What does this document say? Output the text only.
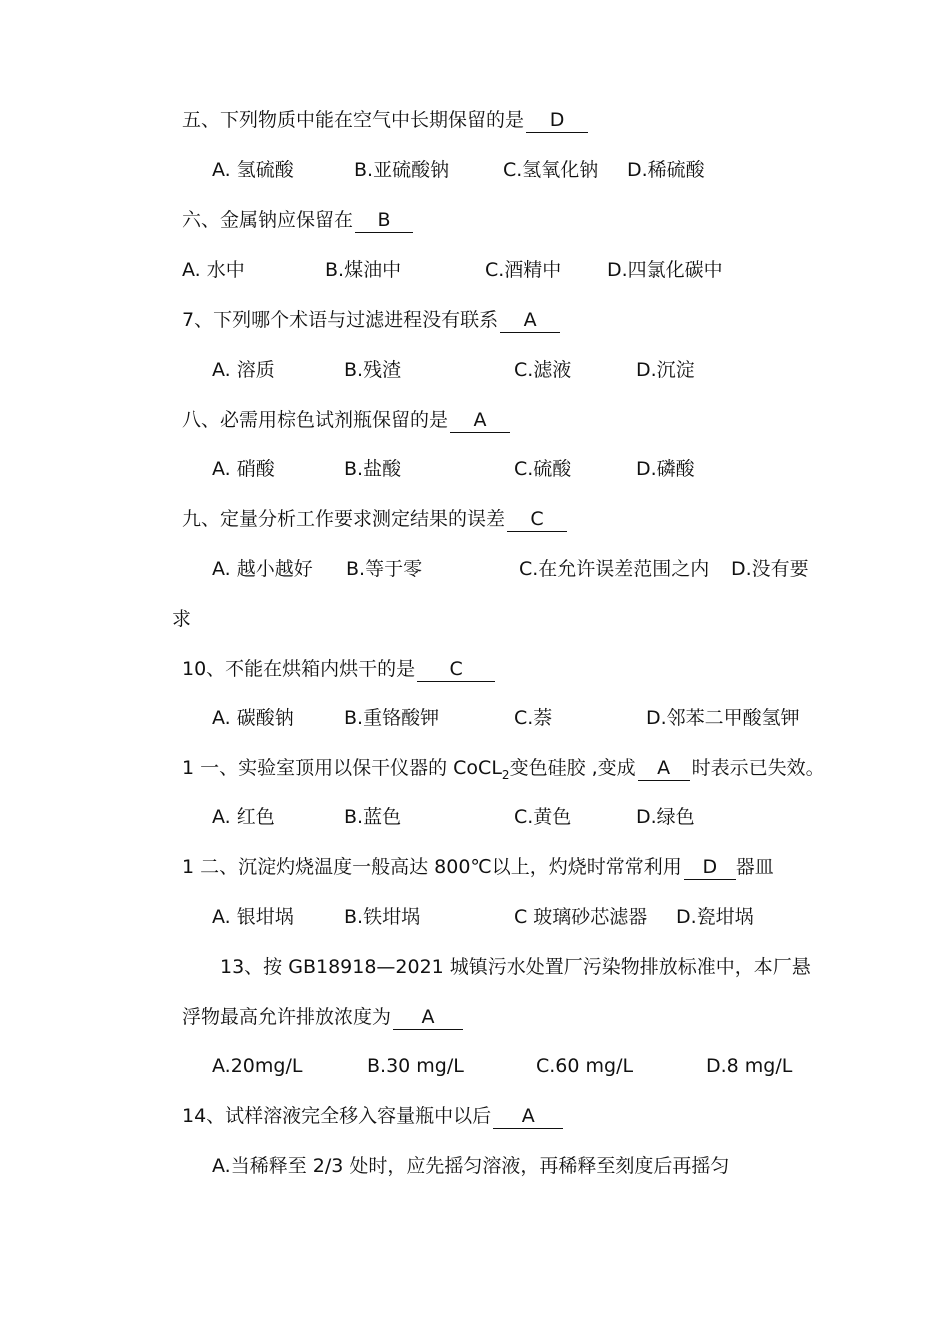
五、下列物质中能在空气中长期保留的是 D
A. 氢硫酸	B.亚硫酸钠	C.氢氧化钠 D.稀硫酸
六、金属钠应保留在 B
A. 水中	B.煤油中	C.酒精中 D.四氯化碳中
7、下列哪个术语与过滤进程没有联系 A
A. 溶质	B.残渣	C.滤液	D.沉淀
八、必需用棕色试剂瓶保留的是 A
A. 硝酸	B.盐酸	C.硫酸	D.磷酸
九、定量分析工作要求测定结果的误差 C
A. 越小越好 B.等于零	C.在允许误差范围之内 D.没有要
求
10、不能在烘箱内烘干的是 C
A. 碳酸钠	B.重铬酸钾	C.萘	D.邻苯二甲酸氢钾
1 一、实验室顶用以保干仪器的 CoCL$_2$变色硅胶 ,变成 A 时表示已失效。
A. 红色	B.蓝色	C.黄色	D.绿色
1 二、沉淀灼烧温度一般高达 800℃以上，灼烧时常常利用 D 器皿
A. 银坩埚	B.铁坩埚	C 玻璃砂芯滤器 D.瓷坩埚
13、按 GB18918—2021 城镇污水处置厂污染物排放标准中，本厂悬
浮物最高允许排放浓度为 A
A.20mg/L	B.30 mg/L	C.60 mg/L	D.8 mg/L
14、试样溶液完全移入容量瓶中以后 A
A.当稀释至 2/3 处时，应先摇匀溶液，再稀释至刻度后再摇匀
